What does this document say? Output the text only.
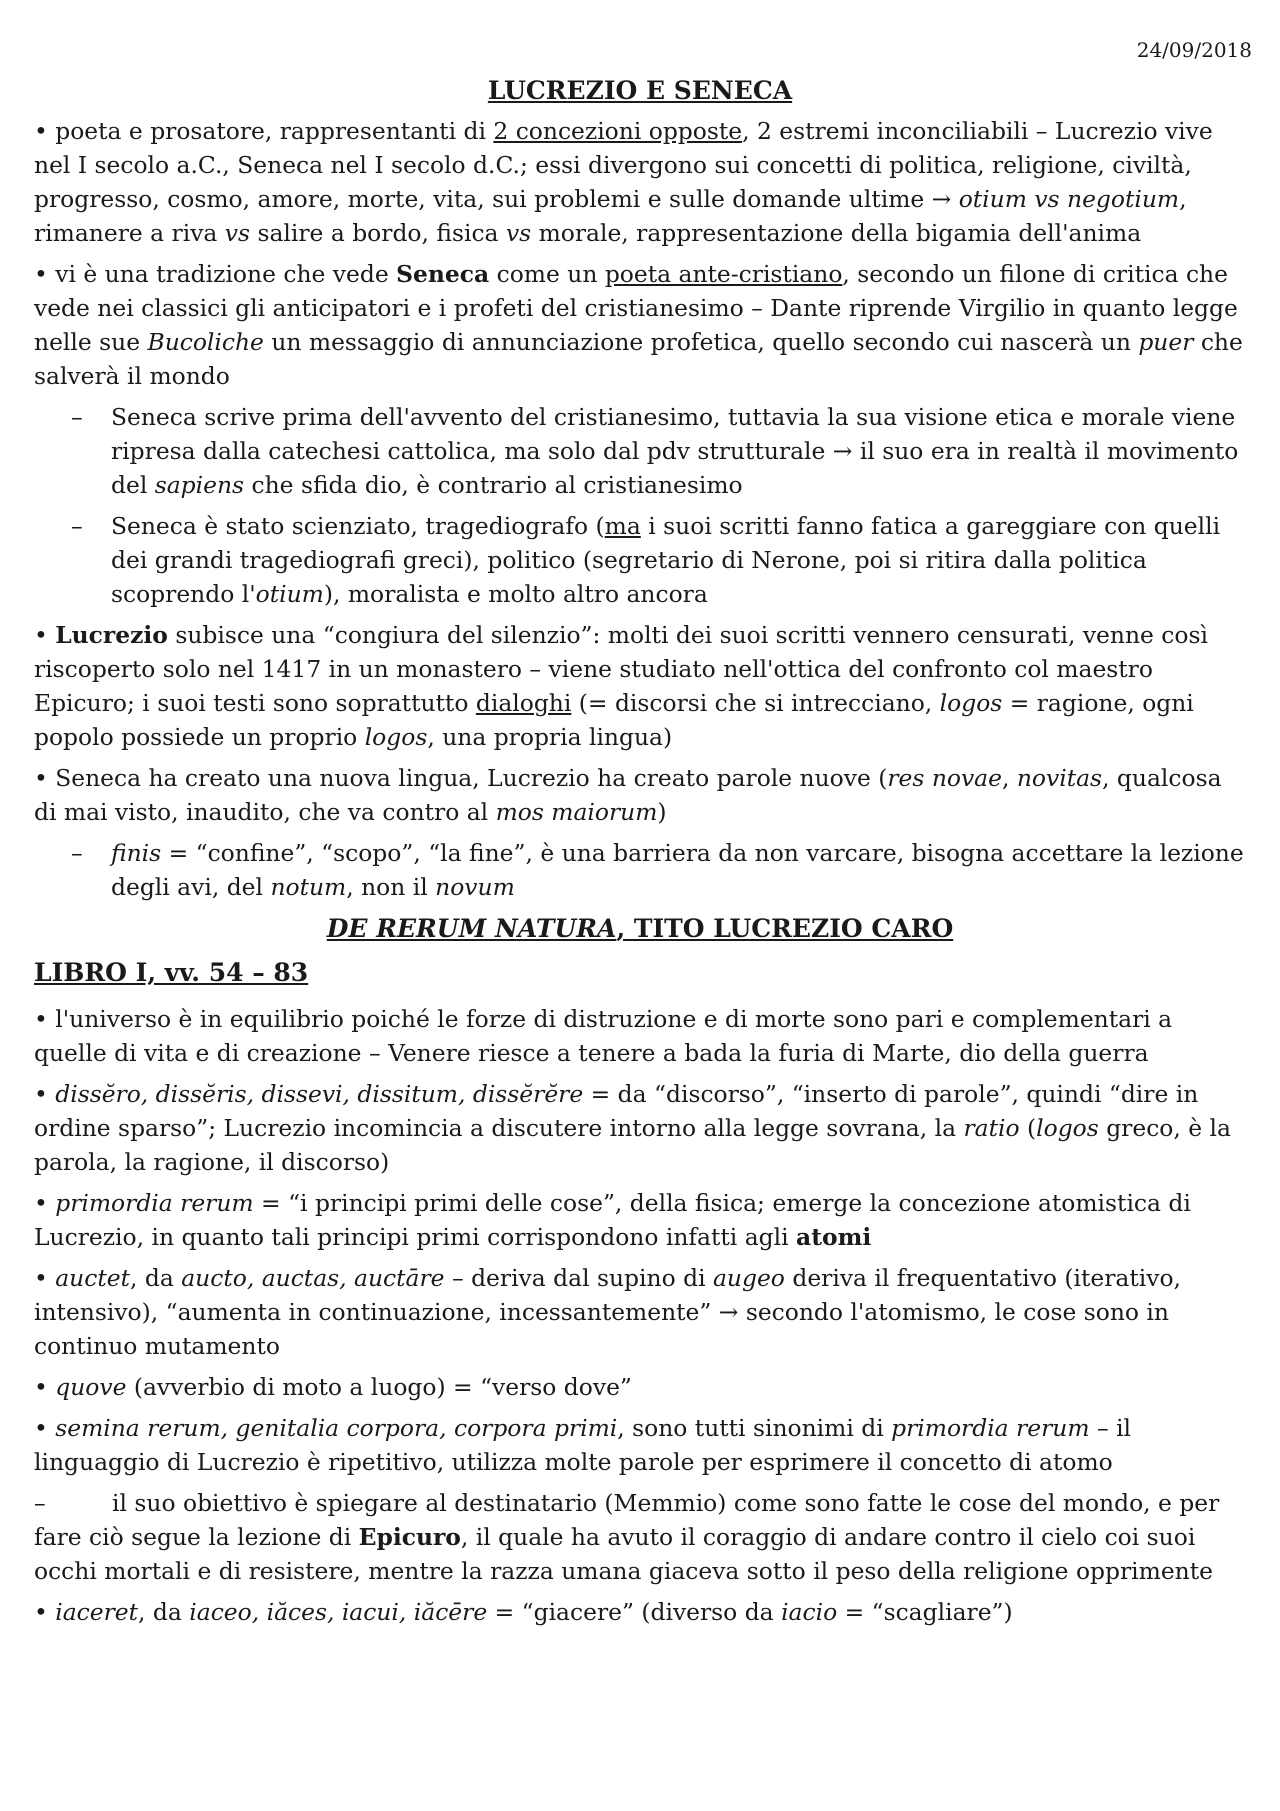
24/09/2018
LUCREZIO E SENECA

• poeta e prosatore, rappresentanti di 2 concezioni opposte, 2 estremi inconciliabili – Lucrezio vive nel I secolo a.C., Seneca nel I secolo d.C.; essi divergono sui concetti di politica, religione, civiltà, progresso, cosmo, amore, morte, vita, sui problemi e sulle domande ultime → otium vs negotium, rimanere a riva vs salire a bordo, fisica vs morale, rappresentazione della bigamia dell'anima

• vi è una tradizione che vede Seneca come un poeta ante-cristiano, secondo un filone di critica che vede nei classici gli anticipatori e i profeti del cristianesimo – Dante riprende Virgilio in quanto legge nelle sue Bucoliche un messaggio di annunciazione profetica, quello secondo cui nascerà un puer che salverà il mondo

– Seneca scrive prima dell'avvento del cristianesimo, tuttavia la sua visione etica e morale viene ripresa dalla catechesi cattolica, ma solo dal pdv strutturale → il suo era in realtà il movimento del sapiens che sfida dio, è contrario al cristianesimo
– Seneca è stato scienziato, tragediografo (ma i suoi scritti fanno fatica a gareggiare con quelli dei grandi tragediografi greci), politico (segretario di Nerone, poi si ritira dalla politica scoprendo l'otium), moralista e molto altro ancora

• Lucrezio subisce una “congiura del silenzio”: molti dei suoi scritti vennero censurati, venne così riscoperto solo nel 1417 in un monastero – viene studiato nell'ottica del confronto col maestro Epicuro; i suoi testi sono soprattutto dialoghi (= discorsi che si intrecciano, logos = ragione, ogni popolo possiede un proprio logos, una propria lingua)

• Seneca ha creato una nuova lingua, Lucrezio ha creato parole nuove (res novae, novitas, qualcosa di mai visto, inaudito, che va contro al mos maiorum)

– finis = “confine”, “scopo”, “la fine”, è una barriera da non varcare, bisogna accettare la lezione degli avi, del notum, non il novum
DE RERUM NATURA, TITO LUCREZIO CARO
LIBRO I, vv. 54 – 83

• l'universo è in equilibrio poiché le forze di distruzione e di morte sono pari e complementari a quelle di vita e di creazione – Venere riesce a tenere a bada la furia di Marte, dio della guerra

• dissĕro, dissĕris, dissevi, dissitum, dissĕrĕre = da “discorso”, “inserto di parole”, quindi “dire in ordine sparso”; Lucrezio incomincia a discutere intorno alla legge sovrana, la ratio (logos greco, è la parola, la ragione, il discorso)

• primordia rerum = “i principi primi delle cose”, della fisica; emerge la concezione atomistica di Lucrezio, in quanto tali principi primi corrispondono infatti agli atomi

• auctet, da aucto, auctas, auctāre – deriva dal supino di augeo deriva il frequentativo (iterativo, intensivo), “aumenta in continuazione, incessantemente” → secondo l'atomismo, le cose sono in continuo mutamento

• quove (avverbio di moto a luogo) = “verso dove”

• semina rerum, genitalia corpora, corpora primi, sono tutti sinonimi di primordia rerum – il linguaggio di Lucrezio è ripetitivo, utilizza molte parole per esprimere il concetto di atomo

–	il suo obiettivo è spiegare al destinatario (Memmio) come sono fatte le cose del mondo, e per fare ciò segue la lezione di Epicuro, il quale ha avuto il coraggio di andare contro il cielo coi suoi occhi mortali e di resistere, mentre la razza umana giaceva sotto il peso della religione opprimente

• iaceret, da iaceo, iăces, iacui, iăcēre = “giacere” (diverso da iacio = “scagliare”)
